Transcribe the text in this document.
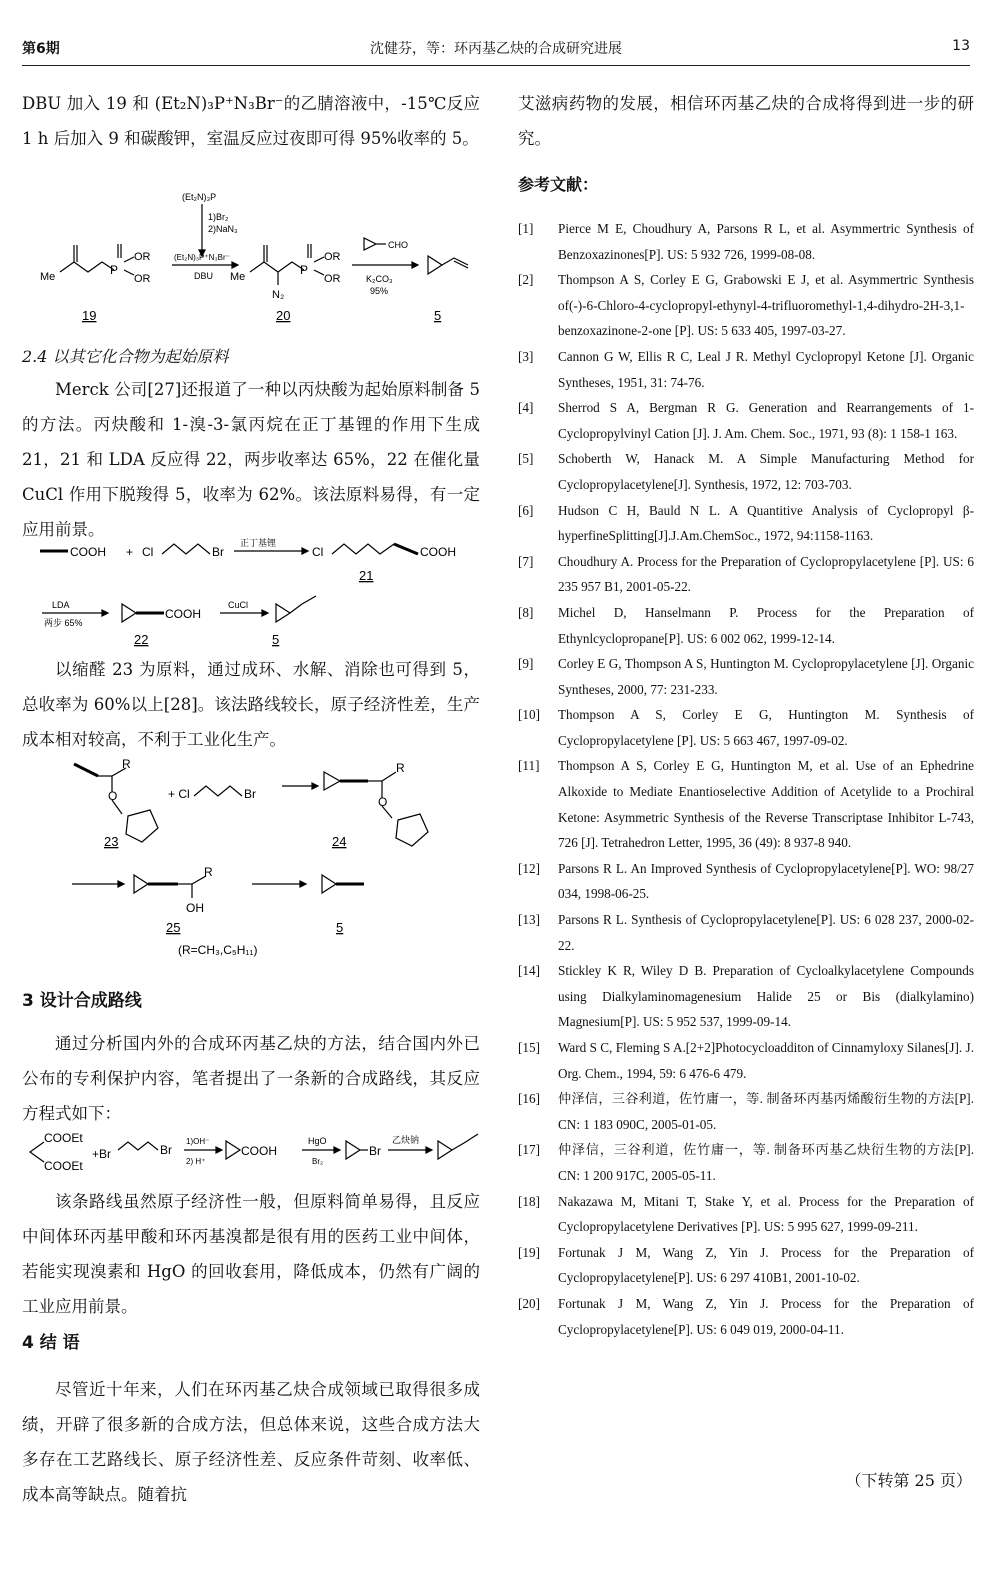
第6期	沈健芬，等：环丙基乙炔的合成研究进展	13
DBU 加入 19 和 (Et₂N)₃P⁺N₃Br⁻的乙腈溶液中，-15℃反应 1 h 后加入 9 和碳酸钾，室温反应过夜即可得 95%收率的 5。
Me	P
OR
OR
(Et₂N)₃P
1)Br₂
2)NaN₃
(Et₂N)₃P⁺N₃Br⁻
DBU Me	P
OR
OR
N₂
CHO
K₂CO₃
95%
19	20	5
2.4 以其它化合物为起始原料
Merck 公司[27]还报道了一种以丙炔酸为起始原料制备 5 的方法。丙炔酸和 1-溴-3-氯丙烷在正丁基锂的作用下生成 21，21 和 LDA 反应得 22，两步收率达 65%，22 在催化量 CuCl 作用下脱羧得 5，收率为 62%。该法原料易得，有一定应用前景。
COOH + Cl	Br
正丁基锂
Cl	COOH
21
LDA
两步 65%
COOH
CuCl
22	5
以缩醛 23 为原料，通过成环、水解、消除也可得到 5，总收率为 60%以上[28]。该法路线较长，原子经济性差，生产成本相对较高，不利于工业化生产。
R
O	+ Cl	Br
R
O
R
OH
23	24
25	5
(R=CH₃,C₅H₁₁)
3 设计合成路线
通过分析国内外的合成环丙基乙炔的方法，结合国内外已公布的专利保护内容，笔者提出了一条新的合成路线，其反应方程式如下：
COOEt
COOEt
+Br	Br
1)OH⁻
2) H⁺
COOH
HgO
Br₂
Br
乙炔钠
该条路线虽然原子经济性一般，但原料简单易得，且反应中间体环丙基甲酸和环丙基溴都是很有用的医药工业中间体，若能实现溴素和 HgO 的回收套用，降低成本，仍然有广阔的工业应用前景。
4 结 语
尽管近十年来，人们在环丙基乙炔合成领域已取得很多成绩，开辟了很多新的合成方法，但总体来说，这些合成方法大多存在工艺路线长、原子经济性差、反应条件苛刻、收率低、成本高等缺点。随着抗
艾滋病药物的发展，相信环丙基乙炔的合成将得到进一步的研究。
参考文献：
[1] Pierce M E, Choudhury A, Parsons R L, et al. Asymmertric Synthesis of Benzoxazinones[P]. US: 5 932 726, 1999-08-08.
[2] Thompson A S, Corley E G, Grabowski E J, et al. Asymmertric Synthesis of(-)-6-Chloro-4-cyclopropyl-ethynyl-4-trifluoromethyl-1,4-dihydro-2H-3,1- benzoxazinone-2-one [P]. US: 5 633 405, 1997-03-27.
[3] Cannon G W, Ellis R C, Leal J R. Methyl Cyclopropyl Ketone [J]. Organic Syntheses, 1951, 31: 74-76.
[4] Sherrod S A, Bergman R G. Generation and Rearrangements of 1-Cyclopropylvinyl Cation [J]. J. Am. Chem. Soc., 1971, 93 (8): 1 158-1 163.
[5] Schoberth W, Hanack M. A Simple Manufacturing Method for Cyclopropylacetylene[J]. Synthesis, 1972, 12: 703-703.
[6] Hudson C H, Bauld N L. A Quantitive Analysis of Cyclopropyl β-hyperfineSplitting[J].J.Am.ChemSoc., 1972, 94:1158-1163.
[7] Choudhury A. Process for the Preparation of Cyclopropylacetylene [P]. US: 6 235 957 B1, 2001-05-22.
[8] Michel D, Hanselmann P. Process for the Preparation of Ethynlcyclopropane[P]. US: 6 002 062, 1999-12-14.
[9] Corley E G, Thompson A S, Huntington M. Cyclopropylacetylene [J]. Organic Syntheses, 2000, 77: 231-233.
[10] Thompson A S, Corley E G, Huntington M. Synthesis of Cyclopropylacetylene [P]. US: 5 663 467, 1997-09-02.
[11] Thompson A S, Corley E G, Huntington M, et al. Use of an Ephedrine Alkoxide to Mediate Enantioselective Addition of Acetylide to a Prochiral Ketone: Asymmetric Synthesis of the Reverse Transcriptase Inhibitor L-743, 726 [J]. Tetrahedron Letter, 1995, 36 (49): 8 937-8 940.
[12] Parsons R L. An Improved Synthesis of Cyclopropylacetylene[P]. WO: 98/27 034, 1998-06-25.
[13] Parsons R L. Synthesis of Cyclopropylacetylene[P]. US: 6 028 237, 2000-02-22.
[14] Stickley K R, Wiley D B. Preparation of Cycloalkylacetylene Compounds using Dialkylaminomagenesium Halide 25 or Bis (dialkylamino) Magnesium[P]. US: 5 952 537, 1999-09-14.
[15] Ward S C, Fleming S A.[2+2]Photocycloadditon of Cinnamyloxy Silanes[J]. J. Org. Chem., 1994, 59: 6 476-6 479.
[16] 仲泽信，三谷利道，佐竹庸一，等. 制备环丙基丙烯酸衍生物的方法[P]. CN: 1 183 090C, 2005-01-05.
[17] 仲泽信，三谷利道，佐竹庸一，等. 制备环丙基乙炔衍生物的方法[P]. CN: 1 200 917C, 2005-05-11.
[18] Nakazawa M, Mitani T, Stake Y, et al. Process for the Preparation of Cyclopropylacetylene Derivatives [P]. US: 5 995 627, 1999-09-211.
[19] Fortunak J M, Wang Z, Yin J. Process for the Preparation of Cyclopropylacetylene[P]. US: 6 297 410B1, 2001-10-02.
[20] Fortunak J M, Wang Z, Yin J. Process for the Preparation of Cyclopropylacetylene[P]. US: 6 049 019, 2000-04-11.
（下转第 25 页）
